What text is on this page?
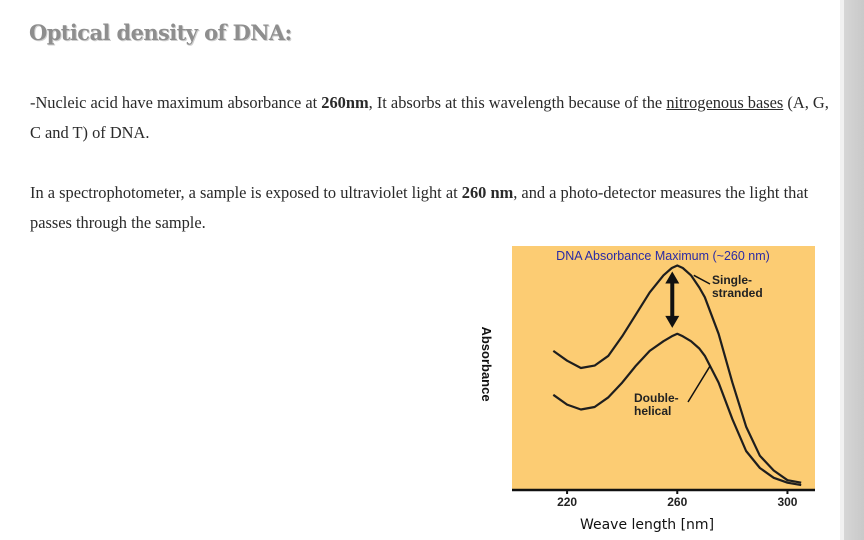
Optical density of DNA:

-Nucleic acid have maximum absorbance at 260nm, It absorbs at this wavelength because of the nitrogenous bases (A, G, C and T) of DNA.

In a spectrophotometer, a sample is exposed to ultraviolet light at 260 nm, and a photo-detector measures the light that passes through the sample.

220	260	300
Single-stranded
Double-helical
DNA Absorbance Maximum (~260 nm)
Absorbance
Weave length [nm]
